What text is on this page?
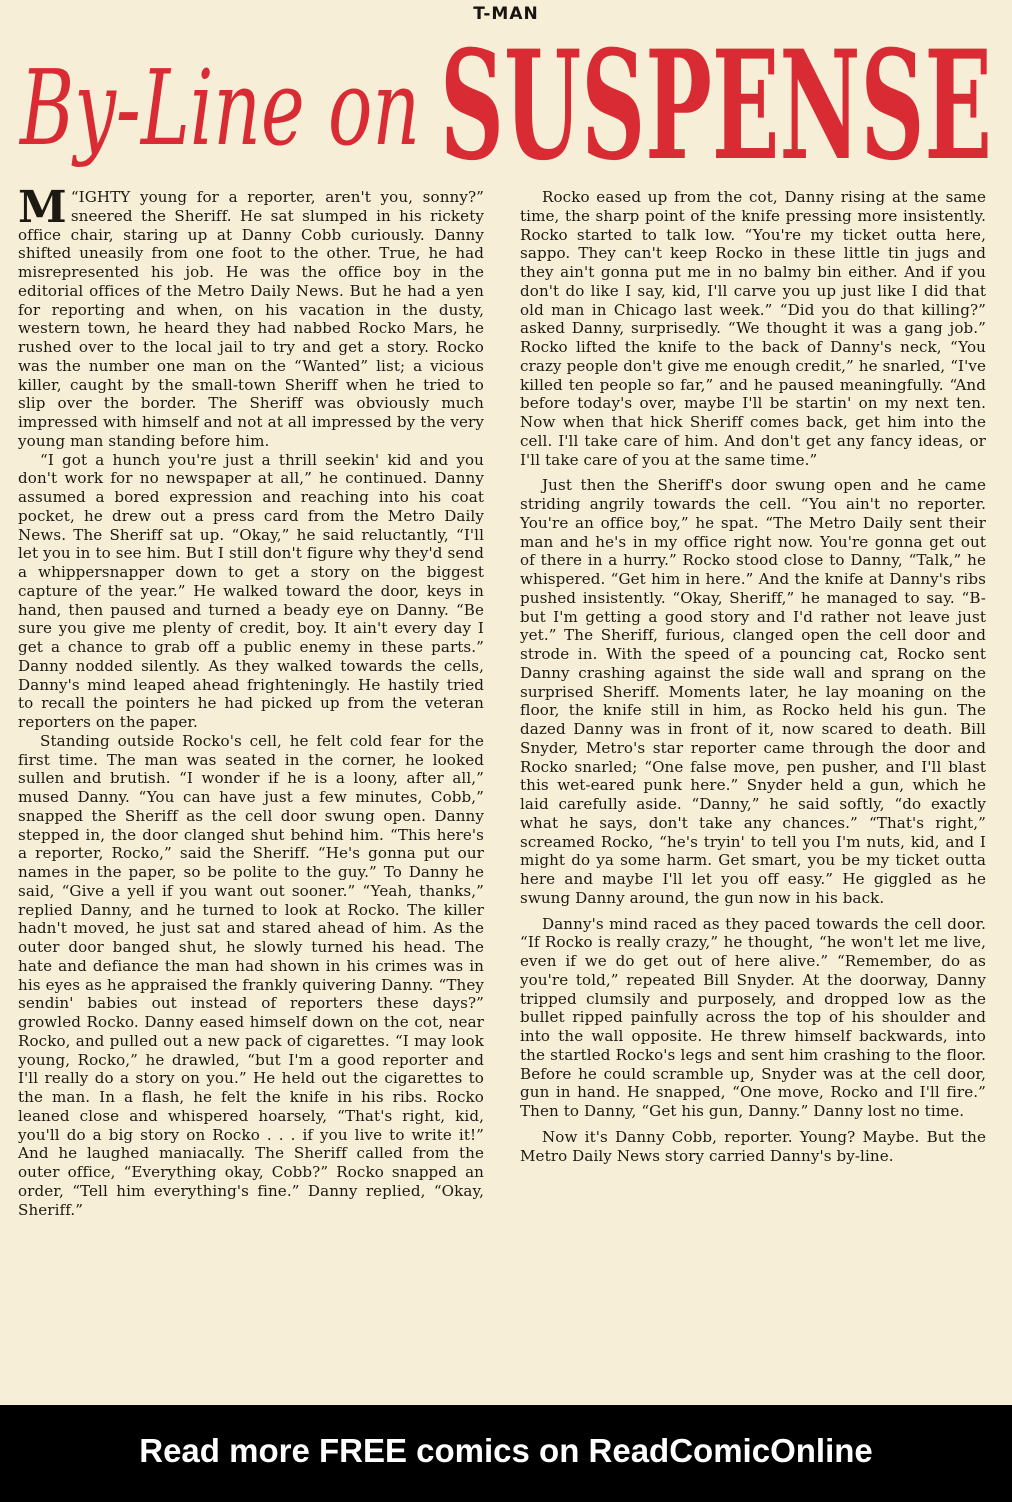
T-MAN
By-Line on SUSPENSE

“
M IGHTY young for a reporter, aren't you, sonny?” sneered the Sheriff. He sat slumped in his rickety office chair, staring up at Danny Cobb curiously. Danny shifted uneasily from one foot to the other. True, he had misrepresented his job. He was the office boy in the editorial offices of the Metro Daily News. But he had a yen for reporting and when, on his vacation in the dusty, western town, he heard they had nabbed Rocko Mars, he rushed over to the local jail to try and get a story. Rocko was the number one man on the “Wanted” list; a vicious killer, caught by the small-town Sheriff when he tried to slip over the border. The Sheriff was obviously much impressed with himself and not at all impressed by the very young man standing before him.

“I got a hunch you're just a thrill seekin' kid and you don't work for no newspaper at all,” he continued. Danny assumed a bored expression and reaching into his coat pocket, he drew out a press card from the Metro Daily News. The Sheriff sat up. “Okay,” he said reluctantly, “I'll let you in to see him. But I still don't figure why they'd send a whippersnapper down to get a story on the biggest capture of the year.” He walked toward the door, keys in hand, then paused and turned a beady eye on Danny. “Be sure you give me plenty of credit, boy. It ain't every day I get a chance to grab off a public enemy in these parts.” Danny nodded silently. As they walked towards the cells, Danny's mind leaped ahead frighteningly. He hastily tried to recall the pointers he had picked up from the veteran reporters on the paper.

Standing outside Rocko's cell, he felt cold fear for the first time. The man was seated in the corner, he looked sullen and brutish. “I wonder if he is a loony, after all,” mused Danny. “You can have just a few minutes, Cobb,” snapped the Sheriff as the cell door swung open. Danny stepped in, the door clanged shut behind him. “This here's a reporter, Rocko,” said the Sheriff. “He's gonna put our names in the paper, so be polite to the guy.” To Danny he said, “Give a yell if you want out sooner.” “Yeah, thanks,” replied Danny, and he turned to look at Rocko. The killer hadn't moved, he just sat and stared ahead of him. As the outer door banged shut, he slowly turned his head. The hate and defiance the man had shown in his crimes was in his eyes as he appraised the frankly quivering Danny. “They sendin' babies out instead of reporters these days?” growled Rocko. Danny eased himself down on the cot, near Rocko, and pulled out a new pack of cigarettes. “I may look young, Rocko,” he drawled, “but I'm a good reporter and I'll really do a story on you.” He held out the cigarettes to the man. In a flash, he felt the knife in his ribs. Rocko leaned close and whispered hoarsely, “That's right, kid, you'll do a big story on Rocko . . . if you live to write it!” And he laughed maniacally. The Sheriff called from the outer office, “Everything okay, Cobb?” Rocko snapped an order, “Tell him everything's fine.” Danny replied, “Okay, Sheriff.”

Rocko eased up from the cot, Danny rising at the same time, the sharp point of the knife pressing more insistently. Rocko started to talk low. “You're my ticket outta here, sappo. They can't keep Rocko in these little tin jugs and they ain't gonna put me in no balmy bin either. And if you don't do like I say, kid, I'll carve you up just like I did that old man in Chicago last week.” “Did you do that killing?” asked Danny, surprisedly. “We thought it was a gang job.” Rocko lifted the knife to the back of Danny's neck, “You crazy people don't give me enough credit,” he snarled, “I've killed ten people so far,” and he paused meaningfully. “And before today's over, maybe I'll be startin' on my next ten. Now when that hick Sheriff comes back, get him into the cell. I'll take care of him. And don't get any fancy ideas, or I'll take care of you at the same time.”

Just then the Sheriff's door swung open and he came striding angrily towards the cell. “You ain't no reporter. You're an office boy,” he spat. “The Metro Daily sent their man and he's in my office right now. You're gonna get out of there in a hurry.” Rocko stood close to Danny, “Talk,” he whispered. “Get him in here.” And the knife at Danny's ribs pushed insistently. “Okay, Sheriff,” he managed to say. “B-but I'm getting a good story and I'd rather not leave just yet.” The Sheriff, furious, clanged open the cell door and strode in. With the speed of a pouncing cat, Rocko sent Danny crashing against the side wall and sprang on the surprised Sheriff. Moments later, he lay moaning on the floor, the knife still in him, as Rocko held his gun. The dazed Danny was in front of it, now scared to death. Bill Snyder, Metro's star reporter came through the door and Rocko snarled; “One false move, pen pusher, and I'll blast this wet-eared punk here.” Snyder held a gun, which he laid carefully aside. “Danny,” he said softly, “do exactly what he says, don't take any chances.” “That's right,” screamed Rocko, “he's tryin' to tell you I'm nuts, kid, and I might do ya some harm. Get smart, you be my ticket outta here and maybe I'll let you off easy.” He giggled as he swung Danny around, the gun now in his back.

Danny's mind raced as they paced towards the cell door. “If Rocko is really crazy,” he thought, “he won't let me live, even if we do get out of here alive.” “Remember, do as you're told,” repeated Bill Snyder. At the doorway, Danny tripped clumsily and purposely, and dropped low as the bullet ripped painfully across the top of his shoulder and into the wall opposite. He threw himself backwards, into the startled Rocko's legs and sent him crashing to the floor. Before he could scramble up, Snyder was at the cell door, gun in hand. He snapped, “One move, Rocko and I'll fire.” Then to Danny, “Get his gun, Danny.” Danny lost no time.

Now it's Danny Cobb, reporter. Young? Maybe. But the Metro Daily News story carried Danny's by-line.

Read more FREE comics on ReadComicOnline
